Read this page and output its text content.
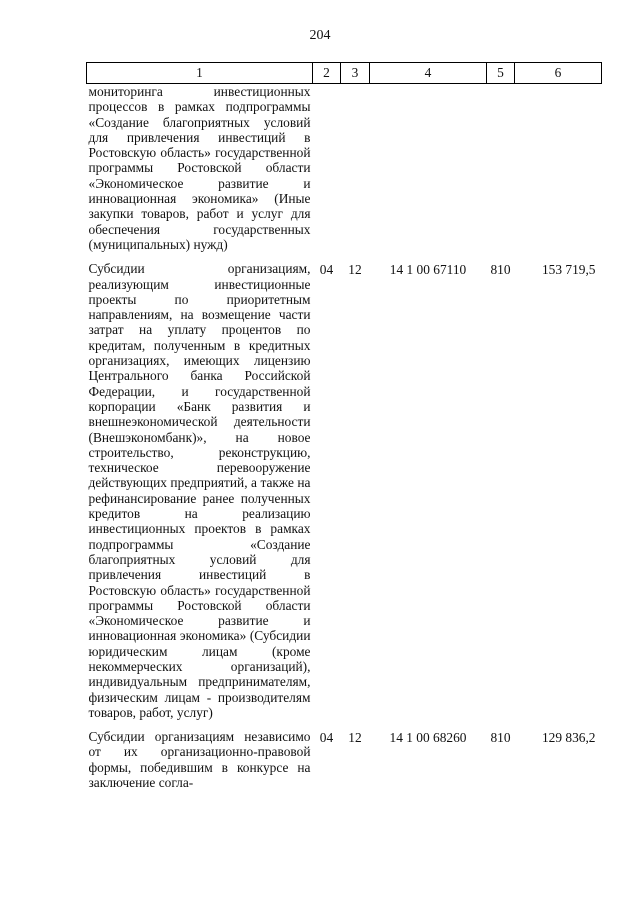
204
1	2	3	4	5	6
мониторинга инвестиционных процессов в рамках подпрограммы «Создание благоприятных условий для привлечения инвестиций в Ростовскую область» государственной программы Ростовской области «Экономическое развитие и инновационная экономика» (Иные закупки товаров, работ и услуг для обеспечения государственных (муниципальных) нужд)					
Субсидии организациям, реализующим инвестиционные проекты по приоритетным направлениям, на возмещение части затрат на уплату процентов по кредитам, полученным в кредитных организациях, имеющих лицензию Центрального банка Российской Федерации, и государственной корпорации «Банк развития и внешнеэкономической деятельности (Внешэкономбанк)», на новое строительство, реконструкцию, техническое перевооружение действующих предприятий, а также на рефинансирование ранее полученных кредитов на реализацию инвестиционных проектов в рамках подпрограммы «Создание благоприятных условий для привлечения инвестиций в Ростовскую область» государственной программы Ростовской области «Экономическое развитие и инновационная экономика» (Субсидии юридическим лицам (кроме некоммерческих организаций), индивидуальным предпринимателям, физическим лицам - производителям товаров, работ, услуг)	04	12	14 1 00 67110	810	153 719,5
Субсидии организациям независимо от их организационно-правовой формы, победившим в конкурсе на заключение согла-	04	12	14 1 00 68260	810	129 836,2
